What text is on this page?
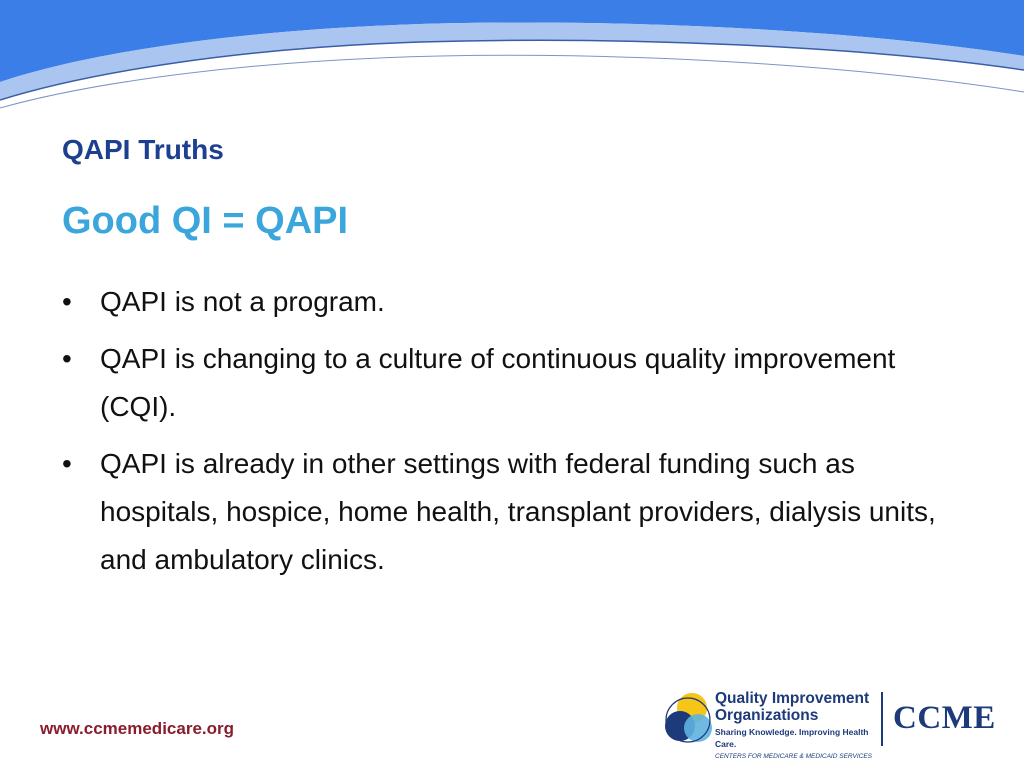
QAPI Truths
Good QI = QAPI
• QAPI is not a program.
• QAPI is changing to a culture of continuous quality improvement (CQI).
• QAPI is already in other settings with federal funding such as hospitals, hospice, home health, transplant providers, dialysis units, and ambulatory clinics.
www.ccmemedicare.org
Quality Improvement
Organizations
Sharing Knowledge. Improving Health Care.
CENTERS FOR MEDICARE & MEDICAID SERVICES
CCME
